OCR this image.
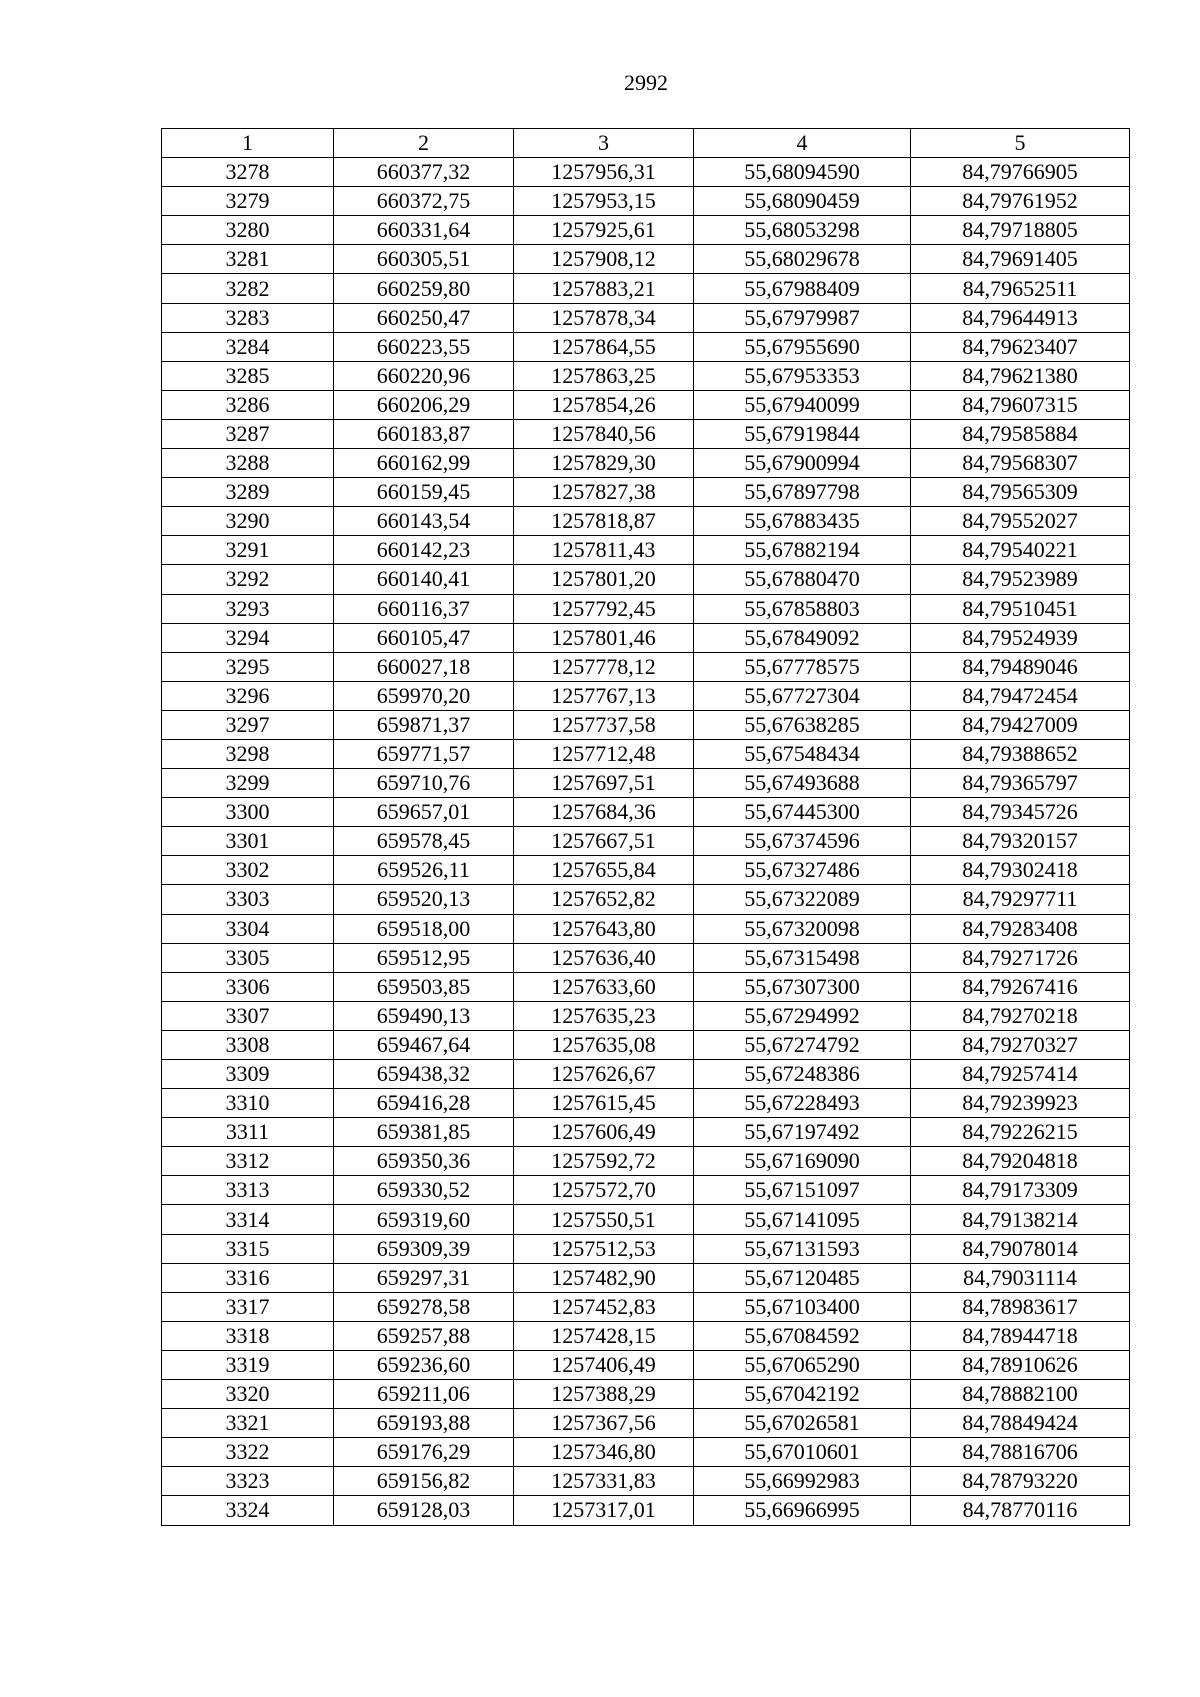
2992
1	2	3	4	5
3278	660377,32	1257956,31	55,68094590	84,79766905
3279	660372,75	1257953,15	55,68090459	84,79761952
3280	660331,64	1257925,61	55,68053298	84,79718805
3281	660305,51	1257908,12	55,68029678	84,79691405
3282	660259,80	1257883,21	55,67988409	84,79652511
3283	660250,47	1257878,34	55,67979987	84,79644913
3284	660223,55	1257864,55	55,67955690	84,79623407
3285	660220,96	1257863,25	55,67953353	84,79621380
3286	660206,29	1257854,26	55,67940099	84,79607315
3287	660183,87	1257840,56	55,67919844	84,79585884
3288	660162,99	1257829,30	55,67900994	84,79568307
3289	660159,45	1257827,38	55,67897798	84,79565309
3290	660143,54	1257818,87	55,67883435	84,79552027
3291	660142,23	1257811,43	55,67882194	84,79540221
3292	660140,41	1257801,20	55,67880470	84,79523989
3293	660116,37	1257792,45	55,67858803	84,79510451
3294	660105,47	1257801,46	55,67849092	84,79524939
3295	660027,18	1257778,12	55,67778575	84,79489046
3296	659970,20	1257767,13	55,67727304	84,79472454
3297	659871,37	1257737,58	55,67638285	84,79427009
3298	659771,57	1257712,48	55,67548434	84,79388652
3299	659710,76	1257697,51	55,67493688	84,79365797
3300	659657,01	1257684,36	55,67445300	84,79345726
3301	659578,45	1257667,51	55,67374596	84,79320157
3302	659526,11	1257655,84	55,67327486	84,79302418
3303	659520,13	1257652,82	55,67322089	84,79297711
3304	659518,00	1257643,80	55,67320098	84,79283408
3305	659512,95	1257636,40	55,67315498	84,79271726
3306	659503,85	1257633,60	55,67307300	84,79267416
3307	659490,13	1257635,23	55,67294992	84,79270218
3308	659467,64	1257635,08	55,67274792	84,79270327
3309	659438,32	1257626,67	55,67248386	84,79257414
3310	659416,28	1257615,45	55,67228493	84,79239923
3311	659381,85	1257606,49	55,67197492	84,79226215
3312	659350,36	1257592,72	55,67169090	84,79204818
3313	659330,52	1257572,70	55,67151097	84,79173309
3314	659319,60	1257550,51	55,67141095	84,79138214
3315	659309,39	1257512,53	55,67131593	84,79078014
3316	659297,31	1257482,90	55,67120485	84,79031114
3317	659278,58	1257452,83	55,67103400	84,78983617
3318	659257,88	1257428,15	55,67084592	84,78944718
3319	659236,60	1257406,49	55,67065290	84,78910626
3320	659211,06	1257388,29	55,67042192	84,78882100
3321	659193,88	1257367,56	55,67026581	84,78849424
3322	659176,29	1257346,80	55,67010601	84,78816706
3323	659156,82	1257331,83	55,66992983	84,78793220
3324	659128,03	1257317,01	55,66966995	84,78770116
